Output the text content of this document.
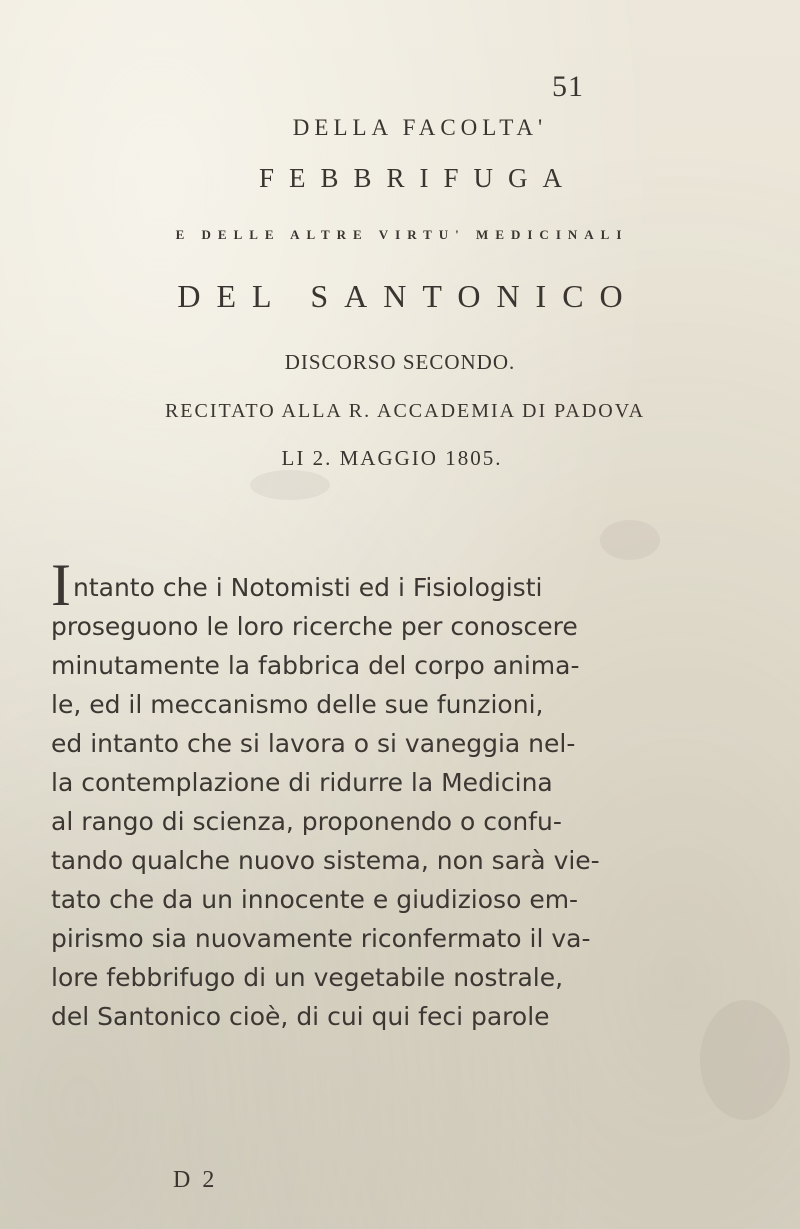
51
DELLA FACOLTA'
FEBBRIFUGA
E DELLE ALTRE VIRTU' MEDICINALI
DEL SANTONICO
DISCORSO SECONDO.
RECITATO ALLA R. ACCADEMIA DI PADOVA
LI 2. MAGGIO 1805.
Intanto che i Notomisti ed i Fisiologisti
proseguono le loro ricerche per conoscere
minutamente la fabbrica del corpo anima-
le, ed il meccanismo delle sue funzioni,
ed intanto che si lavora o si vaneggia nel-
la contemplazione di ridurre la Medicina
al rango di scienza, proponendo o confu-
tando qualche nuovo sistema, non sarà vie-
tato che da un innocente e giudizioso em-
pirismo sia nuovamente riconfermato il va-
lore febbrifugo di un vegetabile nostrale,
del Santonico cioè, di cui qui feci parole
D 2
